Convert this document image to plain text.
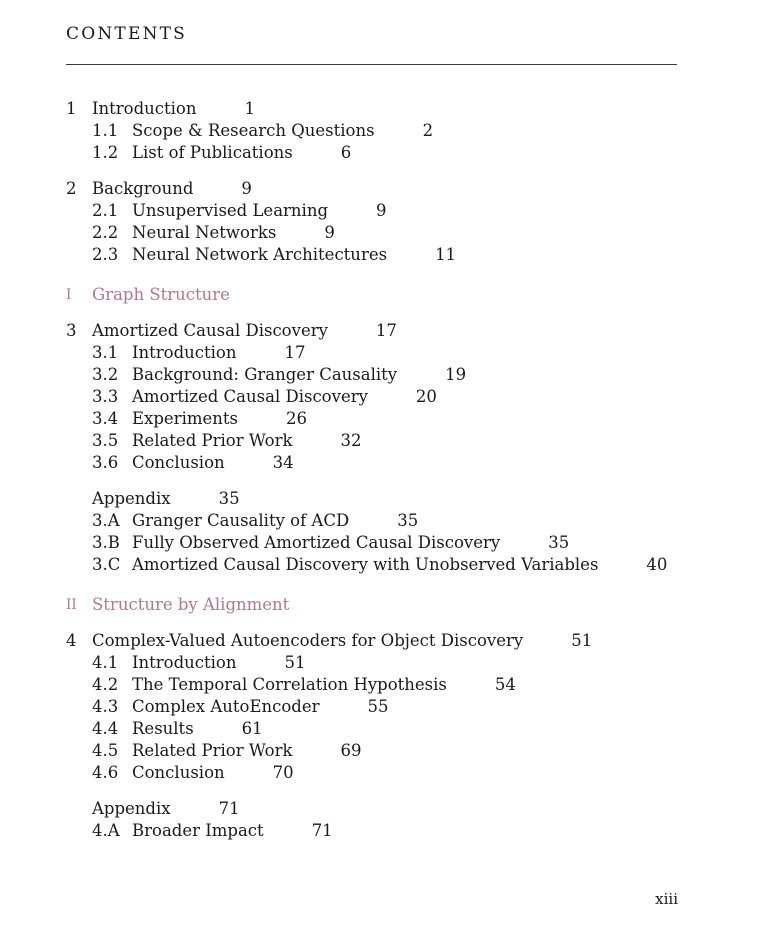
CONTENTS
1 Introduction	1
1.1 Scope & Research Questions	2
1.2 List of Publications	6
2 Background	9
2.1 Unsupervised Learning	9
2.2 Neural Networks	9
2.3 Neural Network Architectures	11
I Graph Structure
3 Amortized Causal Discovery	17
3.1 Introduction	17
3.2 Background: Granger Causality	19
3.3 Amortized Causal Discovery	20
3.4 Experiments	26
3.5 Related Prior Work	32
3.6 Conclusion	34
Appendix	35
3.A Granger Causality of ACD	35
3.B Fully Observed Amortized Causal Discovery	35
3.C Amortized Causal Discovery with Unobserved Variables	40
II Structure by Alignment
4 Complex-Valued Autoencoders for Object Discovery	51
4.1 Introduction	51
4.2 The Temporal Correlation Hypothesis	54
4.3 Complex AutoEncoder	55
4.4 Results	61
4.5 Related Prior Work	69
4.6 Conclusion	70
Appendix	71
4.A Broader Impact	71
xiii
